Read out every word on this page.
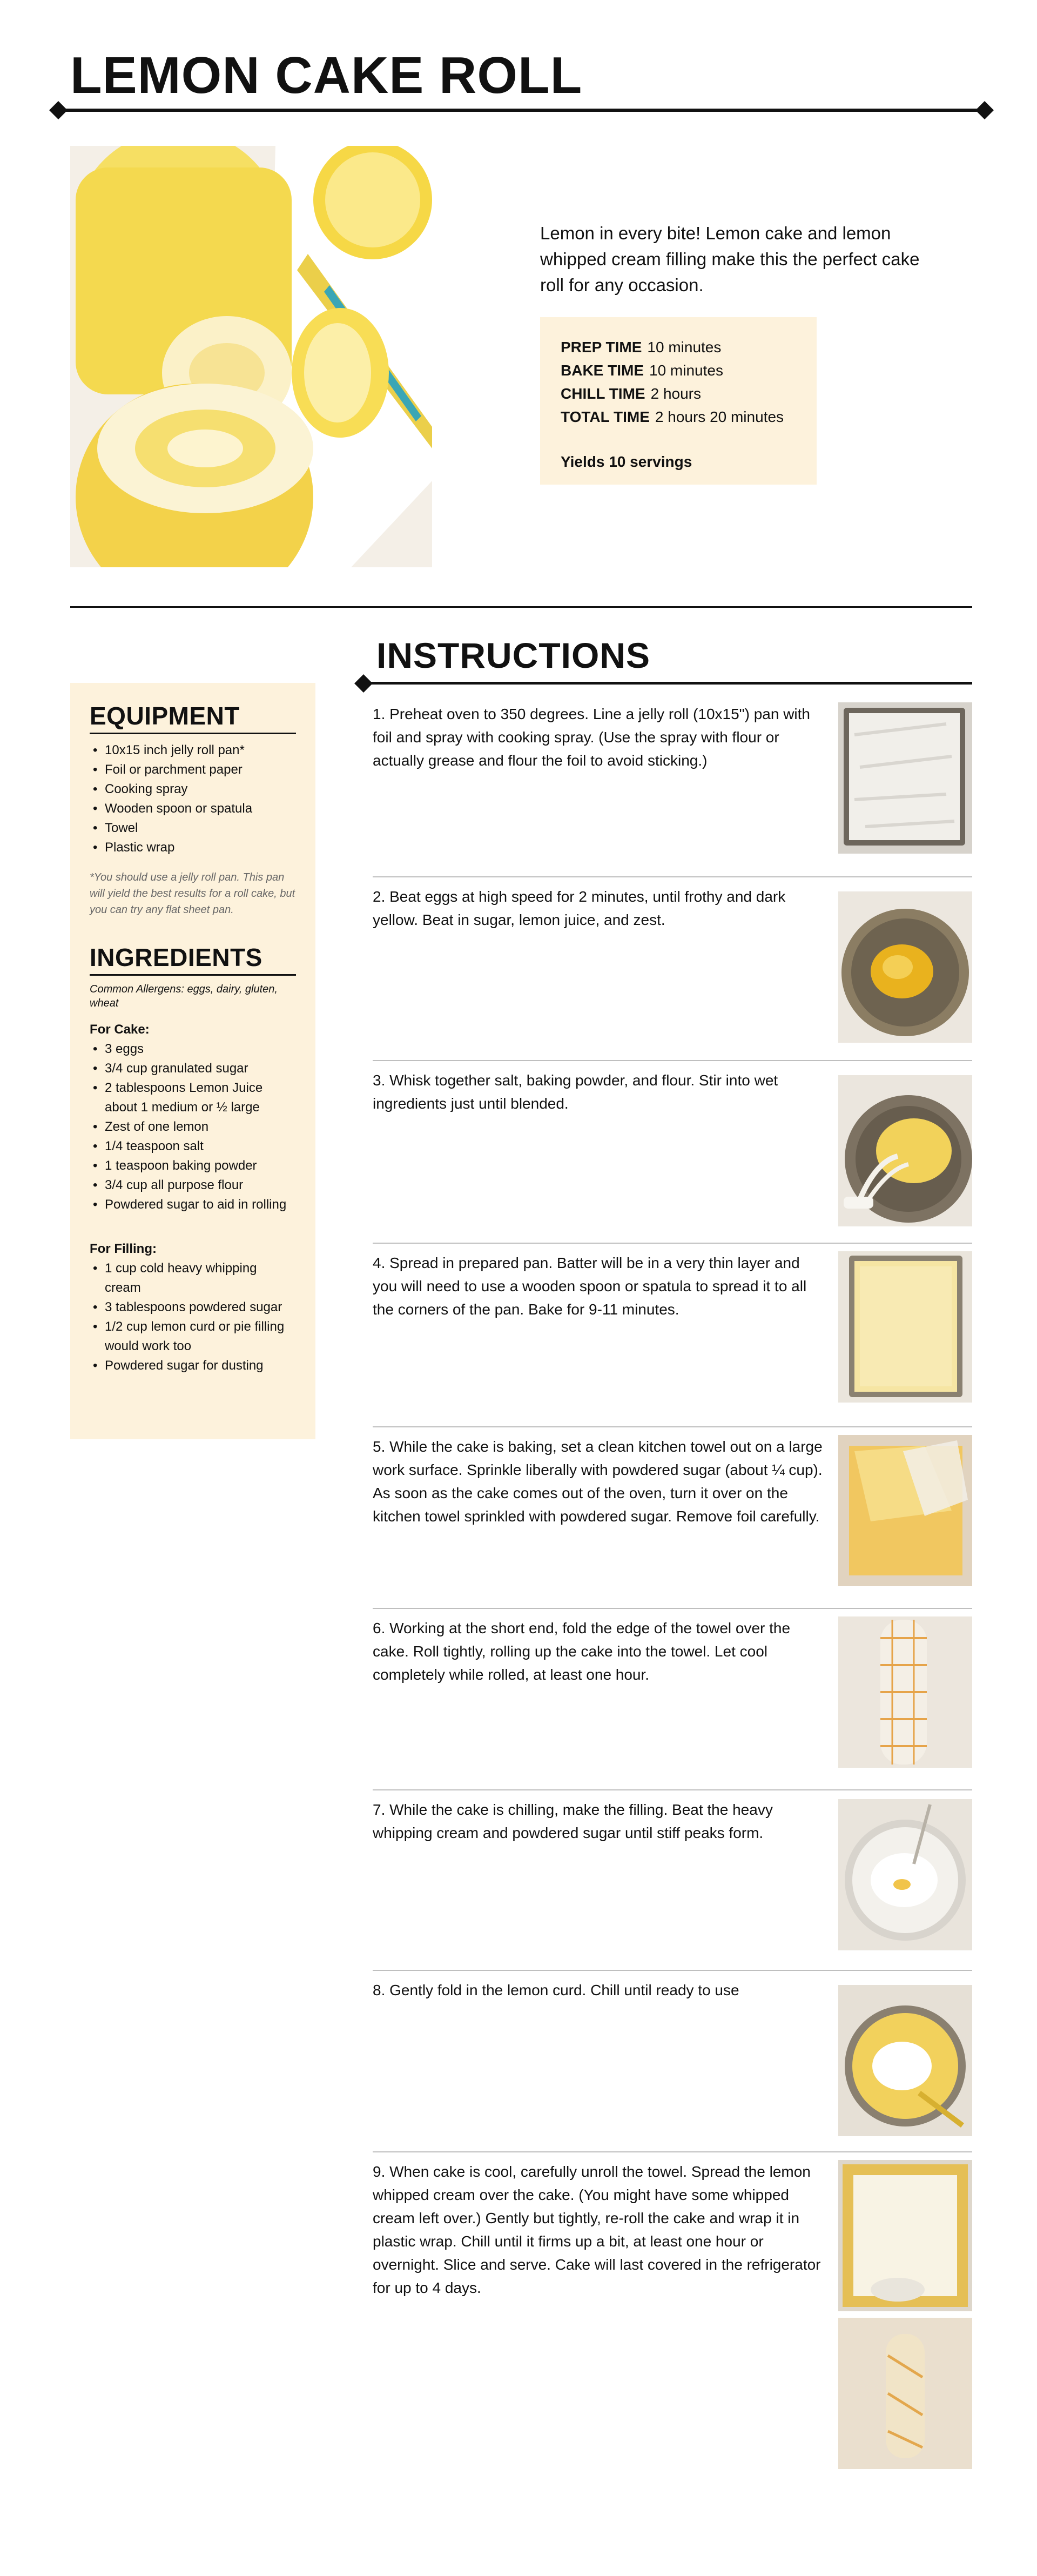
LEMON CAKE ROLL

Lemon in every bite! Lemon cake and lemon whipped cream filling make this the perfect cake roll for any occasion.

PREP TIME 10 minutes
BAKE TIME 10 minutes
CHILL TIME 2 hours
TOTAL TIME 2 hours 20 minutes
Yields 10 servings
INSTRUCTIONS
EQUIPMENT
• 10x15 inch jelly roll pan*
• Foil or parchment paper
• Cooking spray
• Wooden spoon or spatula
• Towel
• Plastic wrap

*You should use a jelly roll pan. This pan will yield the best results for a roll cake, but you can try any flat sheet pan.

INGREDIENTS

Common Allergens: eggs, dairy, gluten, wheat

For Cake:
• 3 eggs
• 3/4 cup granulated sugar
• 2 tablespoons Lemon Juice about 1 medium or ½ large
• Zest of one lemon
• 1/4 teaspoon salt
• 1 teaspoon baking powder
• 3/4 cup all purpose flour
• Powdered sugar to aid in rolling
For Filling:
• 1 cup cold heavy whipping cream
• 3 tablespoons powdered sugar
• 1/2 cup lemon curd or pie filling would work too
• Powdered sugar for dusting

1. Preheat oven to 350 degrees. Line a jelly roll (10x15") pan with foil and spray with cooking spray. (Use the spray with flour or actually grease and flour the foil to avoid sticking.)

2. Beat eggs at high speed for 2 minutes, until frothy and dark yellow. Beat in sugar, lemon juice, and zest.

3. Whisk together salt, baking powder, and flour. Stir into wet ingredients just until blended.

4. Spread in prepared pan. Batter will be in a very thin layer and you will need to use a wooden spoon or spatula to spread it to all the corners of the pan. Bake for 9-11 minutes.

5. While the cake is baking, set a clean kitchen towel out on a large work surface. Sprinkle liberally with powdered sugar (about ¼ cup). As soon as the cake comes out of the oven, turn it over on the kitchen towel sprinkled with powdered sugar. Remove foil carefully.

6. Working at the short end, fold the edge of the towel over the cake. Roll tightly, rolling up the cake into the towel. Let cool completely while rolled, at least one hour.

7. While the cake is chilling, make the filling. Beat the heavy whipping cream and powdered sugar until stiff peaks form.

8. Gently fold in the lemon curd. Chill until ready to use

9. When cake is cool, carefully unroll the towel. Spread the lemon whipped cream over the cake. (You might have some whipped cream left over.) Gently but tightly, re-roll the cake and wrap it in plastic wrap. Chill until it firms up a bit, at least one hour or overnight. Slice and serve. Cake will last covered in the refrigerator for up to 4 days.
